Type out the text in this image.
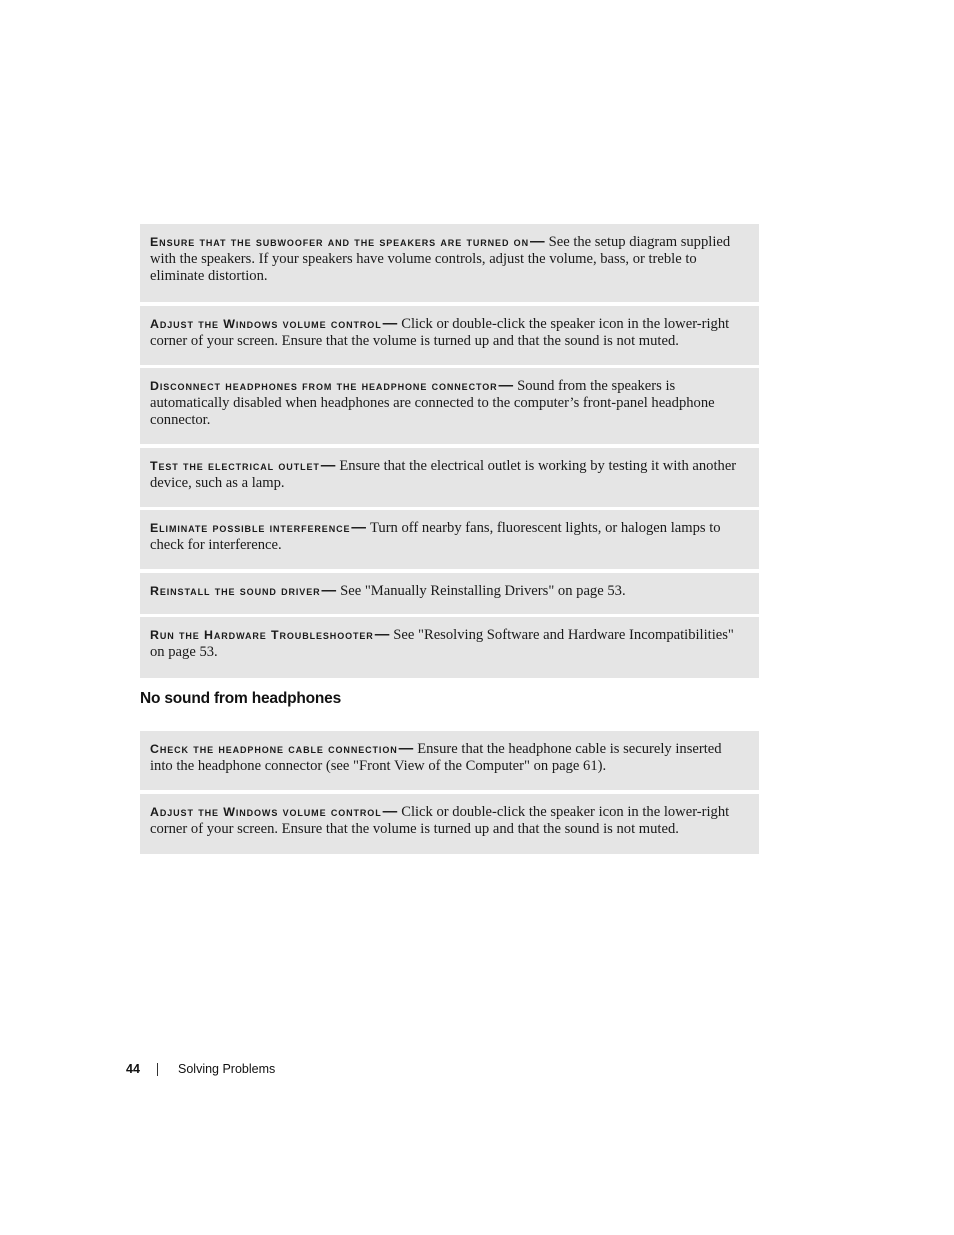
Ensure that the subwoofer and the speakers are turned on— See the setup diagram supplied with the speakers. If your speakers have volume controls, adjust the volume, bass, or treble to eliminate distortion.
Adjust the Windows volume control— Click or double-click the speaker icon in the lower-right corner of your screen. Ensure that the volume is turned up and that the sound is not muted.
Disconnect headphones from the headphone connector— Sound from the speakers is automatically disabled when headphones are connected to the computer’s front-panel headphone connector.
Test the electrical outlet— Ensure that the electrical outlet is working by testing it with another device, such as a lamp.
Eliminate possible interference— Turn off nearby fans, fluorescent lights, or halogen lamps to check for interference.
Reinstall the sound driver— See "Manually Reinstalling Drivers" on page 53.
Run the Hardware Troubleshooter— See "Resolving Software and Hardware Incompatibilities" on page 53.
No sound from headphones
Check the headphone cable connection— Ensure that the headphone cable is securely inserted into the headphone connector (see "Front View of the Computer" on page 61).
Adjust the Windows volume control— Click or double-click the speaker icon in the lower-right corner of your screen. Ensure that the volume is turned up and that the sound is not muted.
44	Solving Problems
